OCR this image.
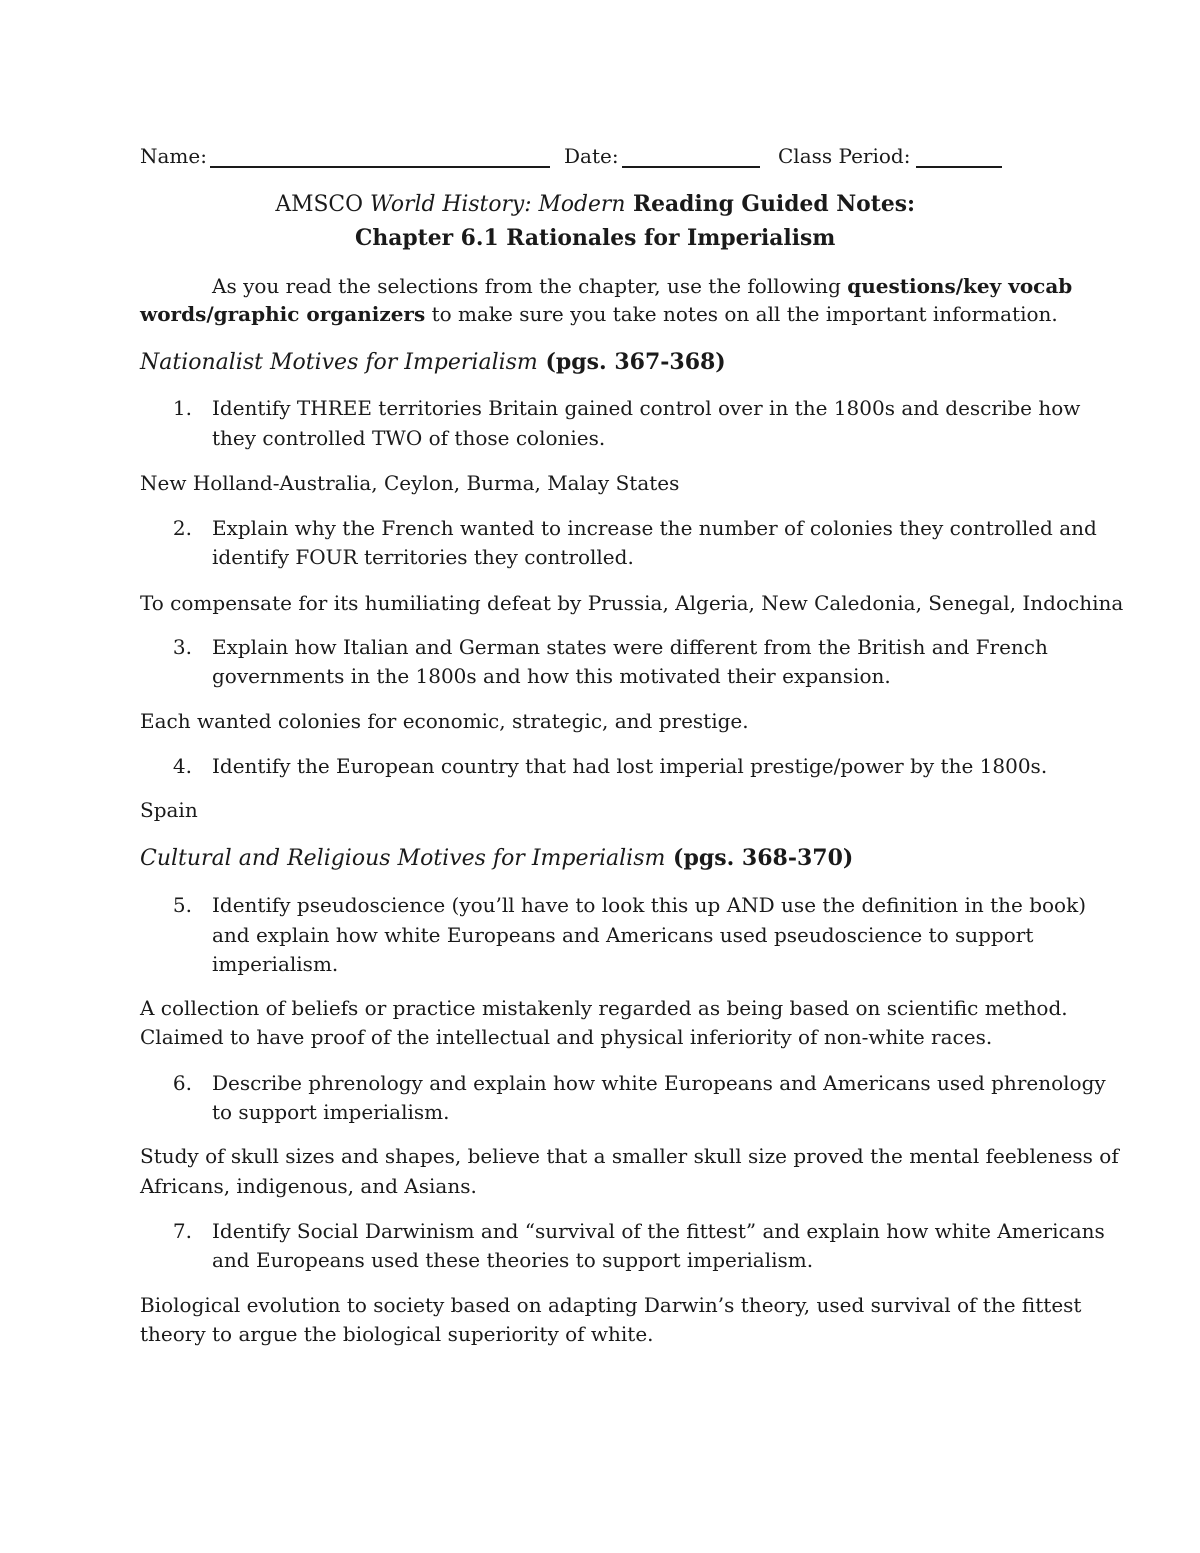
Name:	Date:	Class Period:
AMSCO World History: Modern Reading Guided Notes:
Chapter 6.1 Rationales for Imperialism
As you read the selections from the chapter, use the following questions/key vocab
words/graphic organizers to make sure you take notes on all the important information.
Nationalist Motives for Imperialism (pgs. 367-368)
1. Identify THREE territories Britain gained control over in the 1800s and describe how
they controlled TWO of those colonies.
New Holland-Australia, Ceylon, Burma, Malay States
2. Explain why the French wanted to increase the number of colonies they controlled and
identify FOUR territories they controlled.
To compensate for its humiliating defeat by Prussia, Algeria, New Caledonia, Senegal, Indochina
3. Explain how Italian and German states were different from the British and French
governments in the 1800s and how this motivated their expansion.
Each wanted colonies for economic, strategic, and prestige.
4. Identify the European country that had lost imperial prestige/power by the 1800s.
Spain
Cultural and Religious Motives for Imperialism (pgs. 368-370)
5. Identify pseudoscience (you’ll have to look this up AND use the definition in the book)
and explain how white Europeans and Americans used pseudoscience to support
imperialism.
A collection of beliefs or practice mistakenly regarded as being based on scientific method.
Claimed to have proof of the intellectual and physical inferiority of non-white races.
6. Describe phrenology and explain how white Europeans and Americans used phrenology
to support imperialism.
Study of skull sizes and shapes, believe that a smaller skull size proved the mental feebleness of
Africans, indigenous, and Asians.
7. Identify Social Darwinism and “survival of the fittest” and explain how white Americans
and Europeans used these theories to support imperialism.
Biological evolution to society based on adapting Darwin’s theory, used survival of the fittest
theory to argue the biological superiority of white.
